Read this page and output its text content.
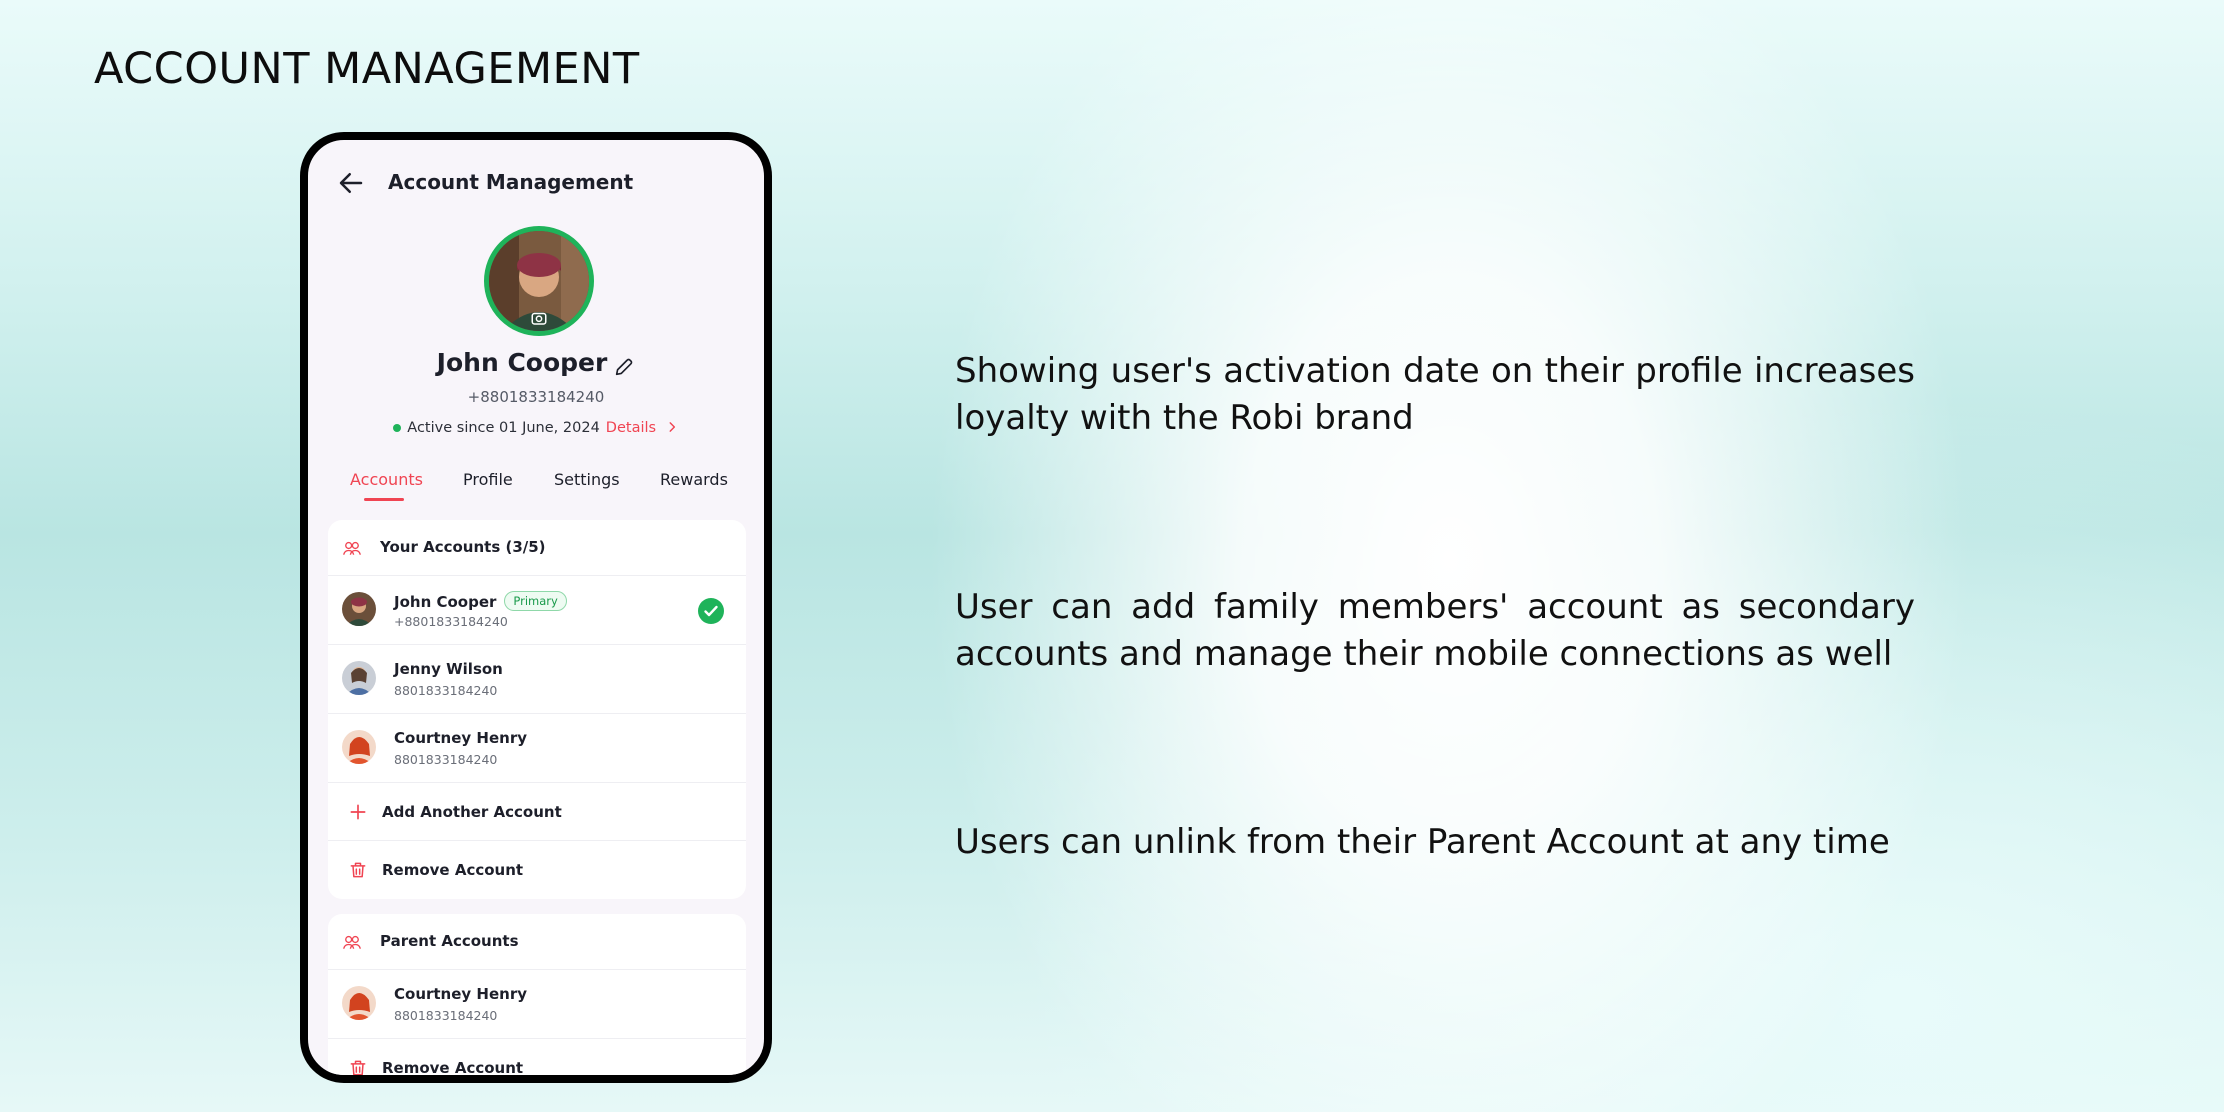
ACCOUNT MANAGEMENT
Showing user's activation date on their profile increases loyalty with the Robi brand
User can add family members' account as secondary accounts and manage their mobile connections as well
Users can unlink from their Parent Account at any time
Account Management
John Cooper
+8801833184240
Active since 01 June, 2024 Details
Accounts	Profile	Settings	Rewards
Your Accounts (3/5)
John Cooper Primary
+8801833184240
Jenny Wilson
8801833184240
Courtney Henry
8801833184240
Add Another Account
Remove Account
Parent Accounts
Courtney Henry
8801833184240
Remove Account
